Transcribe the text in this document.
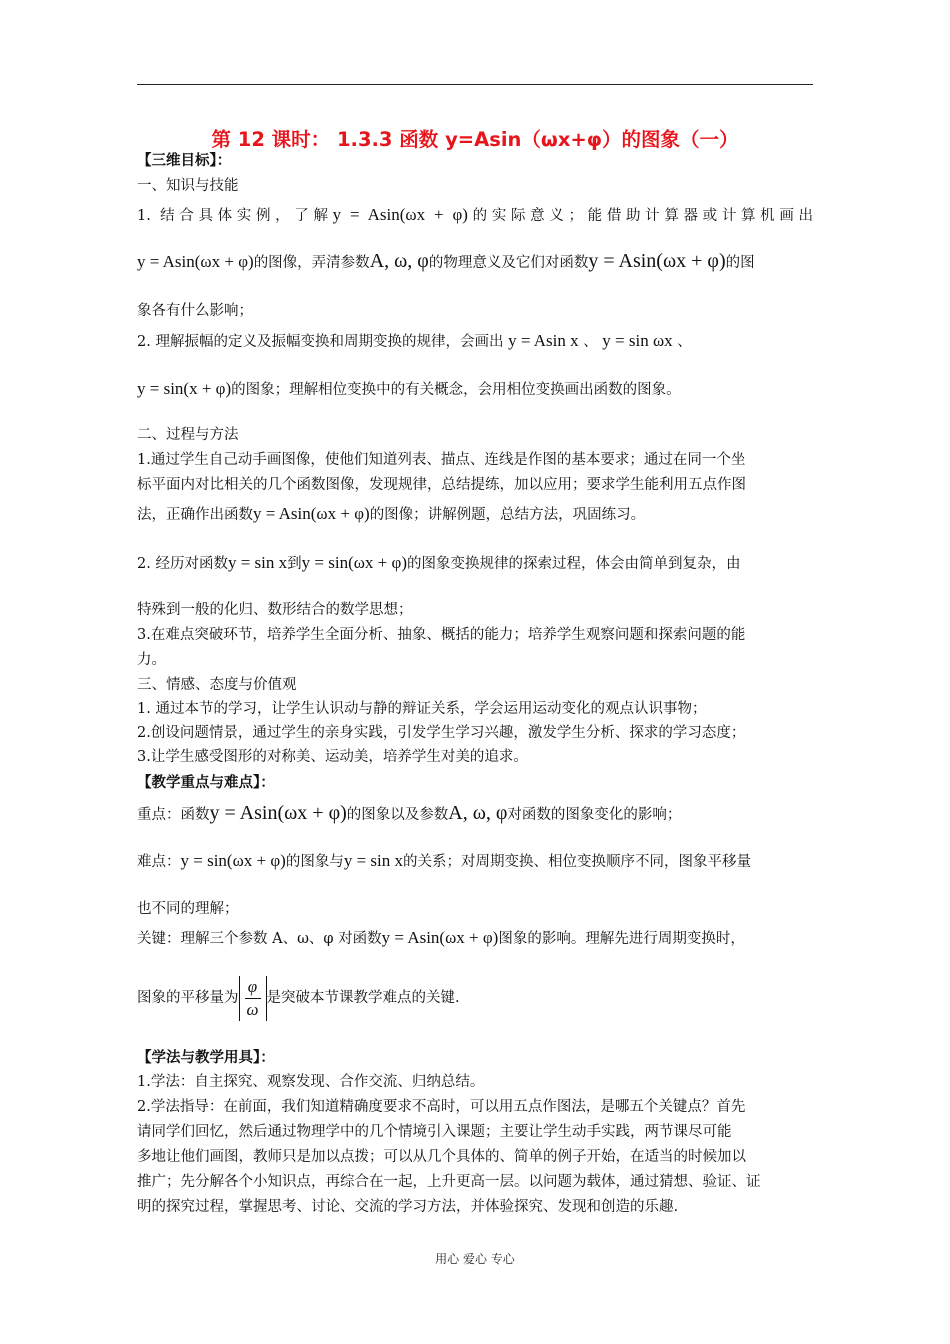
第 12 课时： 1.3.3 函数 y=Asin（ωx+φ）的图象（一）
【三维目标】：
一、知识与技能
1. 结合具体实例，了解y = Asin(ωx + φ)的实际意义；能借助计算器或计算机画出
y = Asin(ωx + φ)的图像，弄清参数A, ω, φ的物理意义及它们对函数y = Asin(ωx + φ)的图
象各有什么影响；
2. 理解振幅的定义及振幅变换和周期变换的规律，会画出 y = Asin x 、 y = sin ωx 、
y = sin(x + φ)的图象；理解相位变换中的有关概念，会用相位变换画出函数的图象。
二、过程与方法
1.通过学生自己动手画图像，使他们知道列表、描点、连线是作图的基本要求；通过在同一个坐
标平面内对比相关的几个函数图像，发现规律，总结提练，加以应用；要求学生能利用五点作图
法，正确作出函数y = Asin(ωx + φ)的图像；讲解例题，总结方法，巩固练习。
2. 经历对函数y = sin x到y = sin(ωx + φ)的图象变换规律的探索过程，体会由简单到复杂，由
特殊到一般的化归、数形结合的数学思想；
3.在难点突破环节，培养学生全面分析、抽象、概括的能力；培养学生观察问题和探索问题的能
力。
三、情感、态度与价值观
1. 通过本节的学习，让学生认识动与静的辩证关系，学会运用运动变化的观点认识事物；
2.创设问题情景，通过学生的亲身实践，引发学生学习兴趣，激发学生分析、探求的学习态度；
3.让学生感受图形的对称美、运动美，培养学生对美的追求。
【教学重点与难点】：
重点：函数y = Asin(ωx + φ)的图象以及参数A, ω, φ对函数的图象变化的影响；
难点：y = sin(ωx + φ)的图象与y = sin x的关系；对周期变换、相位变换顺序不同，图象平移量
也不同的理解；
关键：理解三个参数 A、ω、φ 对函数y = Asin(ωx + φ)图象的影响。理解先进行周期变换时，
图象的平移量为 $\frac{\varphi}{\omega}$ 是突破本节课教学难点的关键.
【学法与教学用具】：
1.学法：自主探究、观察发现、合作交流、归纳总结。
2.学法指导：在前面，我们知道精确度要求不高时，可以用五点作图法，是哪五个关键点？首先
请同学们回忆，然后通过物理学中的几个情境引入课题；主要让学生动手实践，两节课尽可能
多地让他们画图，教师只是加以点拨；可以从几个具体的、简单的例子开始，在适当的时候加以
推广；先分解各个小知识点，再综合在一起，上升更高一层。以问题为载体，通过猜想、验证、证
明的探究过程，掌握思考、讨论、交流的学习方法，并体验探究、发现和创造的乐趣.
用心 爱心 专心
